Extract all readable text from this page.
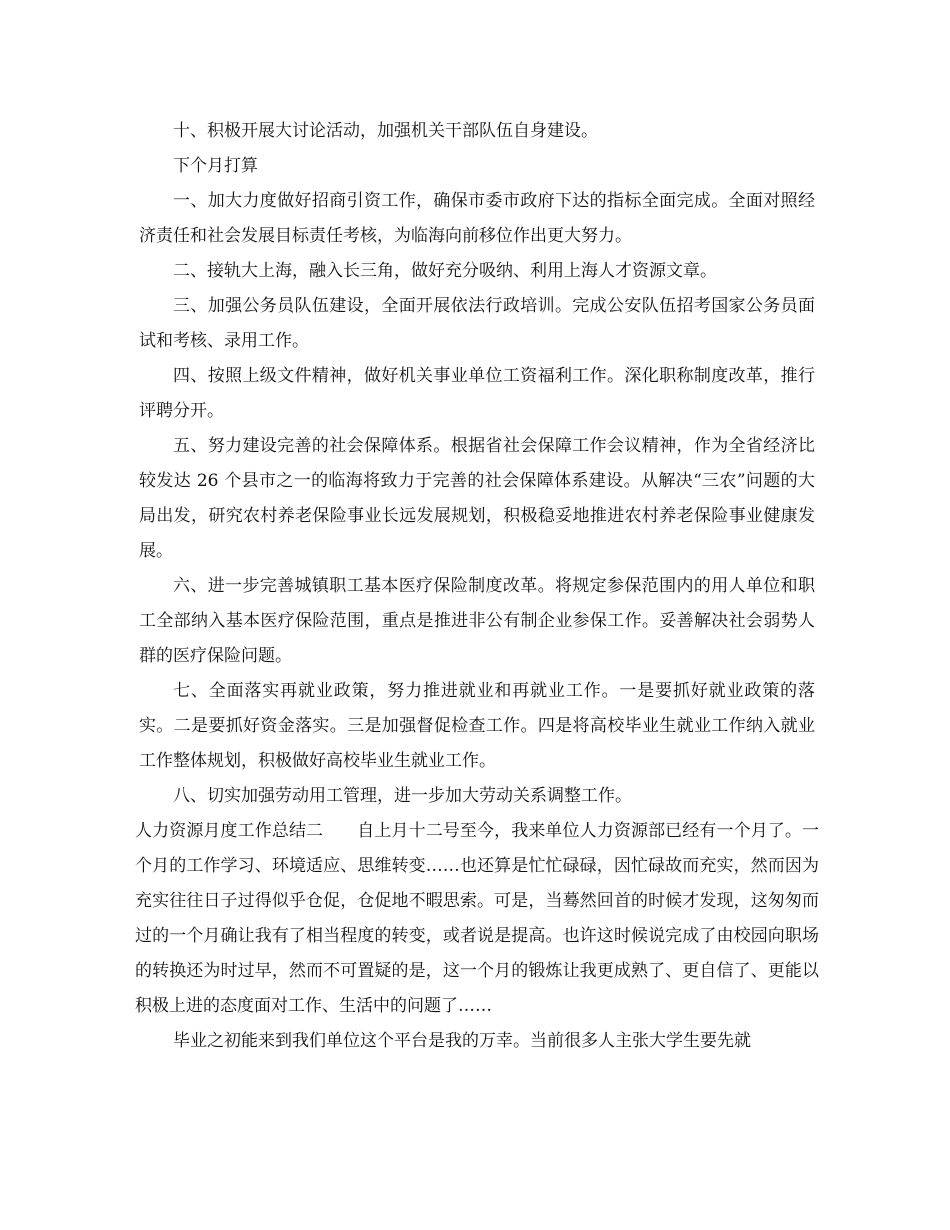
十、积极开展大讨论活动，加强机关干部队伍自身建设。

下个月打算

一、加大力度做好招商引资工作，确保市委市政府下达的指标全面完成。全面对照经济责任和社会发展目标责任考核，为临海向前移位作出更大努力。

二、接轨大上海，融入长三角，做好充分吸纳、利用上海人才资源文章。

三、加强公务员队伍建设，全面开展依法行政培训。完成公安队伍招考国家公务员面试和考核、录用工作。

四、按照上级文件精神，做好机关事业单位工资福利工作。深化职称制度改革，推行评聘分开。

五、努力建设完善的社会保障体系。根据省社会保障工作会议精神，作为全省经济比较发达 26 个县市之一的临海将致力于完善的社会保障体系建设。从解决“三农”问题的大局出发，研究农村养老保险事业长远发展规划，积极稳妥地推进农村养老保险事业健康发展。

六、进一步完善城镇职工基本医疗保险制度改革。将规定参保范围内的用人单位和职工全部纳入基本医疗保险范围，重点是推进非公有制企业参保工作。妥善解决社会弱势人群的医疗保险问题。

七、全面落实再就业政策，努力推进就业和再就业工作。一是要抓好就业政策的落实。二是要抓好资金落实。三是加强督促检查工作。四是将高校毕业生就业工作纳入就业工作整体规划，积极做好高校毕业生就业工作。

八、切实加强劳动用工管理，进一步加大劳动关系调整工作。

人力资源月度工作总结二 自上月十二号至今，我来单位人力资源部已经有一个月了。一个月的工作学习、环境适应、思维转变……也还算是忙忙碌碌，因忙碌故而充实，然而因为充实往往日子过得似乎仓促，仓促地不暇思索。可是，当蓦然回首的时候才发现，这匆匆而过的一个月确让我有了相当程度的转变，或者说是提高。也许这时候说完成了由校园向职场的转换还为时过早，然而不可置疑的是，这一个月的锻炼让我更成熟了、更自信了、更能以积极上进的态度面对工作、生活中的问题了……

毕业之初能来到我们单位这个平台是我的万幸。当前很多人主张大学生要先就
